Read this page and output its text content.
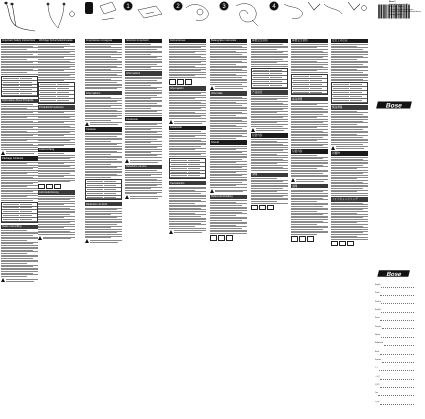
1	2	3	4
Important Safety Instructions
Information About Products
Package Contents
Noise Cancelling
Wichtige Sicherheitshinweise
Produktinformationen
Lieferumfang
Lärmreduzierung
Importantes consignes
Informations
Contenu
Réduction du bruit
Istruzioni importanti
Informazioni
Contenuto
Riduzione rumore
Instrucciones
Información
Contenido
Cancelación
Belangrijke instructies
Informatie
Inhoud
Ruisonderdrukking
重要安全说明
产品信息
包装内容
消噪
重要安全須知
產品資訊
包裝內容
消噪
安全上の注意
製品情報
同梱物
ノイズキャンセリング
Bose
Bose
Bose®
QuietComfort® 20
Acoustic Noise
Cancelling® headphones
Headphones for Samsung/Android devices
and Apple devices
English
Dansk
Deutsch
Español
Suomi
Français
Italiano
Nederlands
Norsk
Svenska
中文
日本語
한국어
ไทย
العربية
